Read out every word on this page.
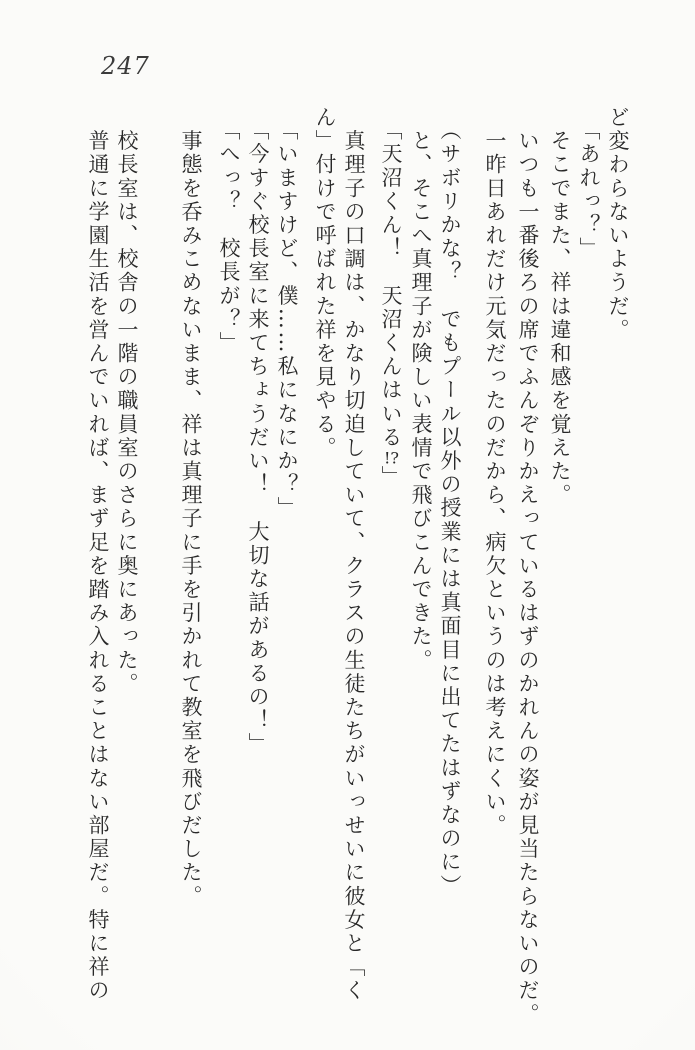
247

ど変わらないようだ。

　「あれっ？」

　そこでまた、祥は違和感を覚えた。

　いつも一番後ろの席でふんぞりかえっているはずのかれんの姿が見当たらないのだ。

　一昨日あれだけ元気だったのだから、病欠というのは考えにくい。

　（サボリかな？　でもプール以外の授業には真面目に出てたはずなのに）

　と、そこへ真理子が険しい表情で飛びこんできた。

　「天沼くん！　天沼くんはいる!?」

　真理子の口調は、かなり切迫していて、クラスの生徒たちがいっせいに彼女と「く

ん」付けで呼ばれた祥を見やる。

　「いますけど、僕……私になにか？」

　「今すぐ校長室に来てちょうだい！　大切な話があるの！」

　「へっ？　校長が？」

　事態を呑みこめないまま、祥は真理子に手を引かれて教室を飛びだした。

　校長室は、校舎の一階の職員室のさらに奥にあった。

　普通に学園生活を営んでいれば、まず足を踏み入れることはない部屋だ。特に祥の
